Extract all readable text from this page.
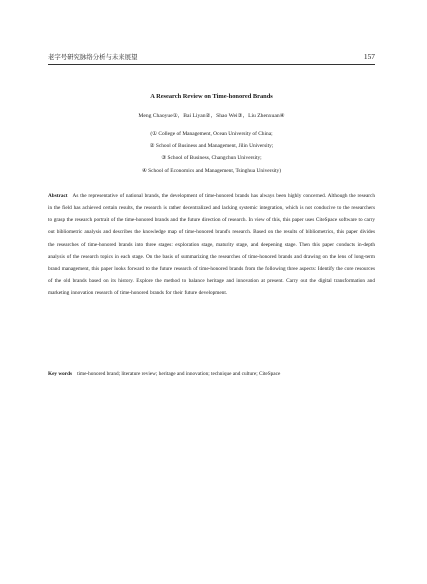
老字号研究脉络分析与未来展望	157
A Research Review on Time-honored Brands
Meng Chaoyue①，Bai Liyan②，Shao Wei③，Liu Zhenxuan④
(① College of Management, Ocean University of China;
② School of Business and Management, Jilin University;
③ School of Business, Changchun University;
④ School of Economics and Management, Tsinghua University)
Abstract As the representative of national brands, the development of time-honored brands has always been highly concerned. Although the research in the field has achieved certain results, the research is rather decentralized and lacking systemic integration, which is not conducive to the researchers to grasp the research portrait of the time-honored brands and the future direction of research. In view of this, this paper uses CiteSpace software to carry out bibliometric analysis and describes the knowledge map of time-honored brand's research. Based on the results of bibliometrics, this paper divides the researches of time-honored brands into three stages: exploration stage, maturity stage, and deepening stage. Then this paper conducts in-depth analysis of the research topics in each stage. On the basis of summarizing the researches of time-honored brands and drawing on the lens of long-term brand management, this paper looks forward to the future research of time-honored brands from the following three aspects: Identify the core resources of the old brands based on its history. Explore the method to balance heritage and innovation at present. Carry out the digital transformation and marketing innovation research of time-honored brands for their future development.
Key words time-honored brand; literature review; heritage and innovation; technique and culture; CiteSpace
